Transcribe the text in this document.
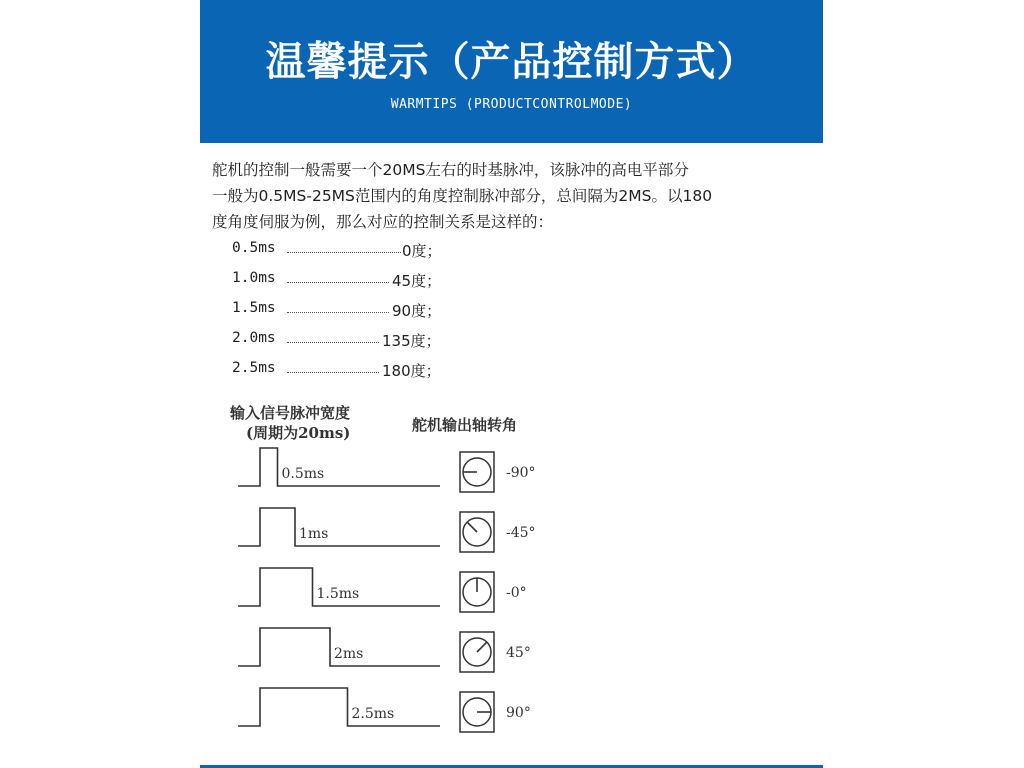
温馨提示（产品控制方式）
WARMTIPS (PRODUCTCONTROLMODE)

舵机的控制一般需要一个20MS左右的时基脉冲，该脉冲的高电平部分

一般为0.5MS-25MS范围内的角度控制脉冲部分，总间隔为2MS。以180

度角度伺服为例，那么对应的控制关系是这样的：

0.5ms	0度；
1.0ms	45度；
1.5ms	90度；
2.0ms	135度；
2.5ms	180度；
输入信号脉冲宽度
(周期为20ms)	舵机输出轴转角
0.5ms	-90°
1ms	-45°
1.5ms	-0°
2ms	45°
2.5ms	90°
